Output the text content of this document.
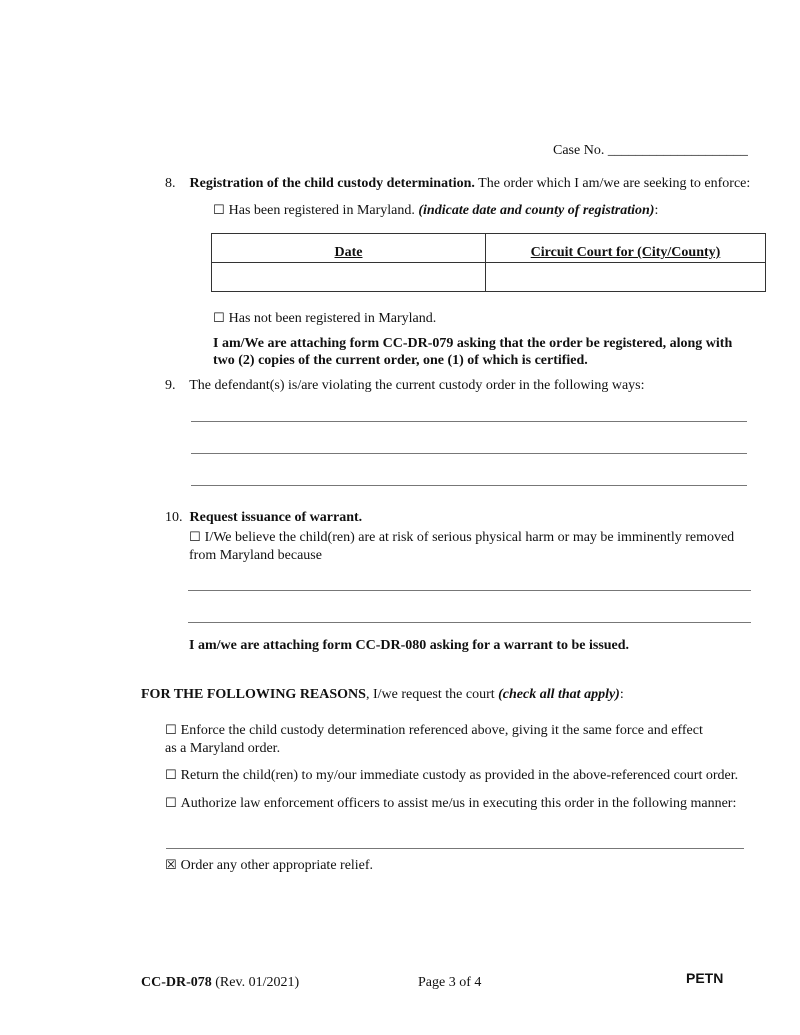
Case No. ____________________
8. Registration of the child custody determination. The order which I am/we are seeking to enforce:
☐ Has been registered in Maryland. (indicate date and county of registration):
Date	Circuit Court for (City/County)

☐ Has not been registered in Maryland.
I am/We are attaching form CC-DR-079 asking that the order be registered, along with
two (2) copies of the current order, one (1) of which is certified.
9. The defendant(s) is/are violating the current custody order in the following ways:
10. Request issuance of warrant.
☐ I/We believe the child(ren) are at risk of serious physical harm or may be imminently removed
from Maryland because
I am/we are attaching form CC-DR-080 asking for a warrant to be issued.
FOR THE FOLLOWING REASONS, I/we request the court (check all that apply):
☐ Enforce the child custody determination referenced above, giving it the same force and effect
as a Maryland order.
☐ Return the child(ren) to my/our immediate custody as provided in the above-referenced court order.
☐ Authorize law enforcement officers to assist me/us in executing this order in the following manner:
☒ Order any other appropriate relief.
CC-DR-078 (Rev. 01/2021)	Page 3 of 4	PETN
